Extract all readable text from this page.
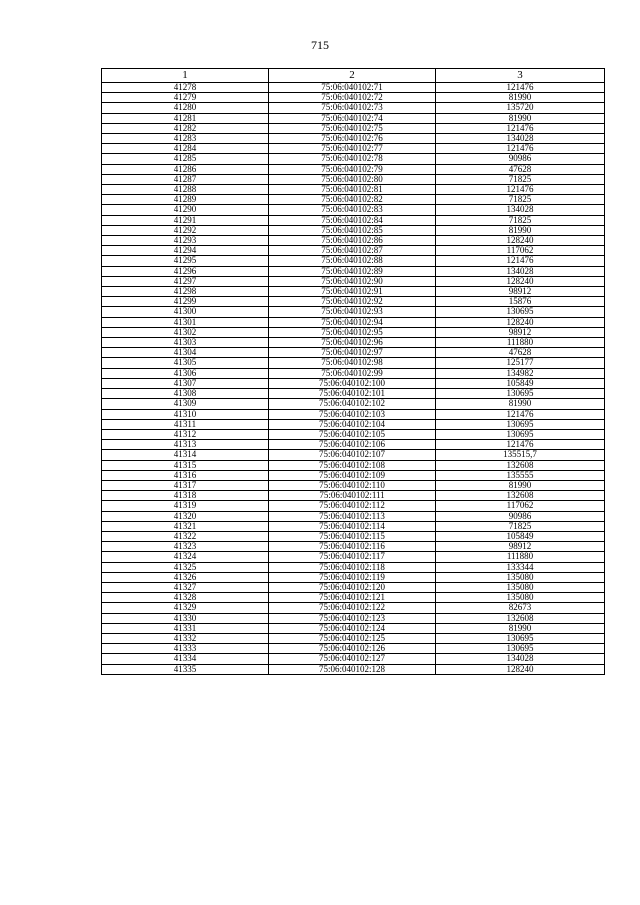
715
1	2	3
41278	75:06:040102:71	121476
41279	75:06:040102:72	81990
41280	75:06:040102:73	135720
41281	75:06:040102:74	81990
41282	75:06:040102:75	121476
41283	75:06:040102:76	134028
41284	75:06:040102:77	121476
41285	75:06:040102:78	90986
41286	75:06:040102:79	47628
41287	75:06:040102:80	71825
41288	75:06:040102:81	121476
41289	75:06:040102:82	71825
41290	75:06:040102:83	134028
41291	75:06:040102:84	71825
41292	75:06:040102:85	81990
41293	75:06:040102:86	128240
41294	75:06:040102:87	117062
41295	75:06:040102:88	121476
41296	75:06:040102:89	134028
41297	75:06:040102:90	128240
41298	75:06:040102:91	98912
41299	75:06:040102:92	15876
41300	75:06:040102:93	130695
41301	75:06:040102:94	128240
41302	75:06:040102:95	98912
41303	75:06:040102:96	111880
41304	75:06:040102:97	47628
41305	75:06:040102:98	125177
41306	75:06:040102:99	134982
41307	75:06:040102:100	105849
41308	75:06:040102:101	130695
41309	75:06:040102:102	81990
41310	75:06:040102:103	121476
41311	75:06:040102:104	130695
41312	75:06:040102:105	130695
41313	75:06:040102:106	121476
41314	75:06:040102:107	135515,7
41315	75:06:040102:108	132608
41316	75:06:040102:109	135555
41317	75:06:040102:110	81990
41318	75:06:040102:111	132608
41319	75:06:040102:112	117062
41320	75:06:040102:113	90986
41321	75:06:040102:114	71825
41322	75:06:040102:115	105849
41323	75:06:040102:116	98912
41324	75:06:040102:117	111880
41325	75:06:040102:118	133344
41326	75:06:040102:119	135080
41327	75:06:040102:120	135080
41328	75:06:040102:121	135080
41329	75:06:040102:122	82673
41330	75:06:040102:123	132608
41331	75:06:040102:124	81990
41332	75:06:040102:125	130695
41333	75:06:040102:126	130695
41334	75:06:040102:127	134028
41335	75:06:040102:128	128240
